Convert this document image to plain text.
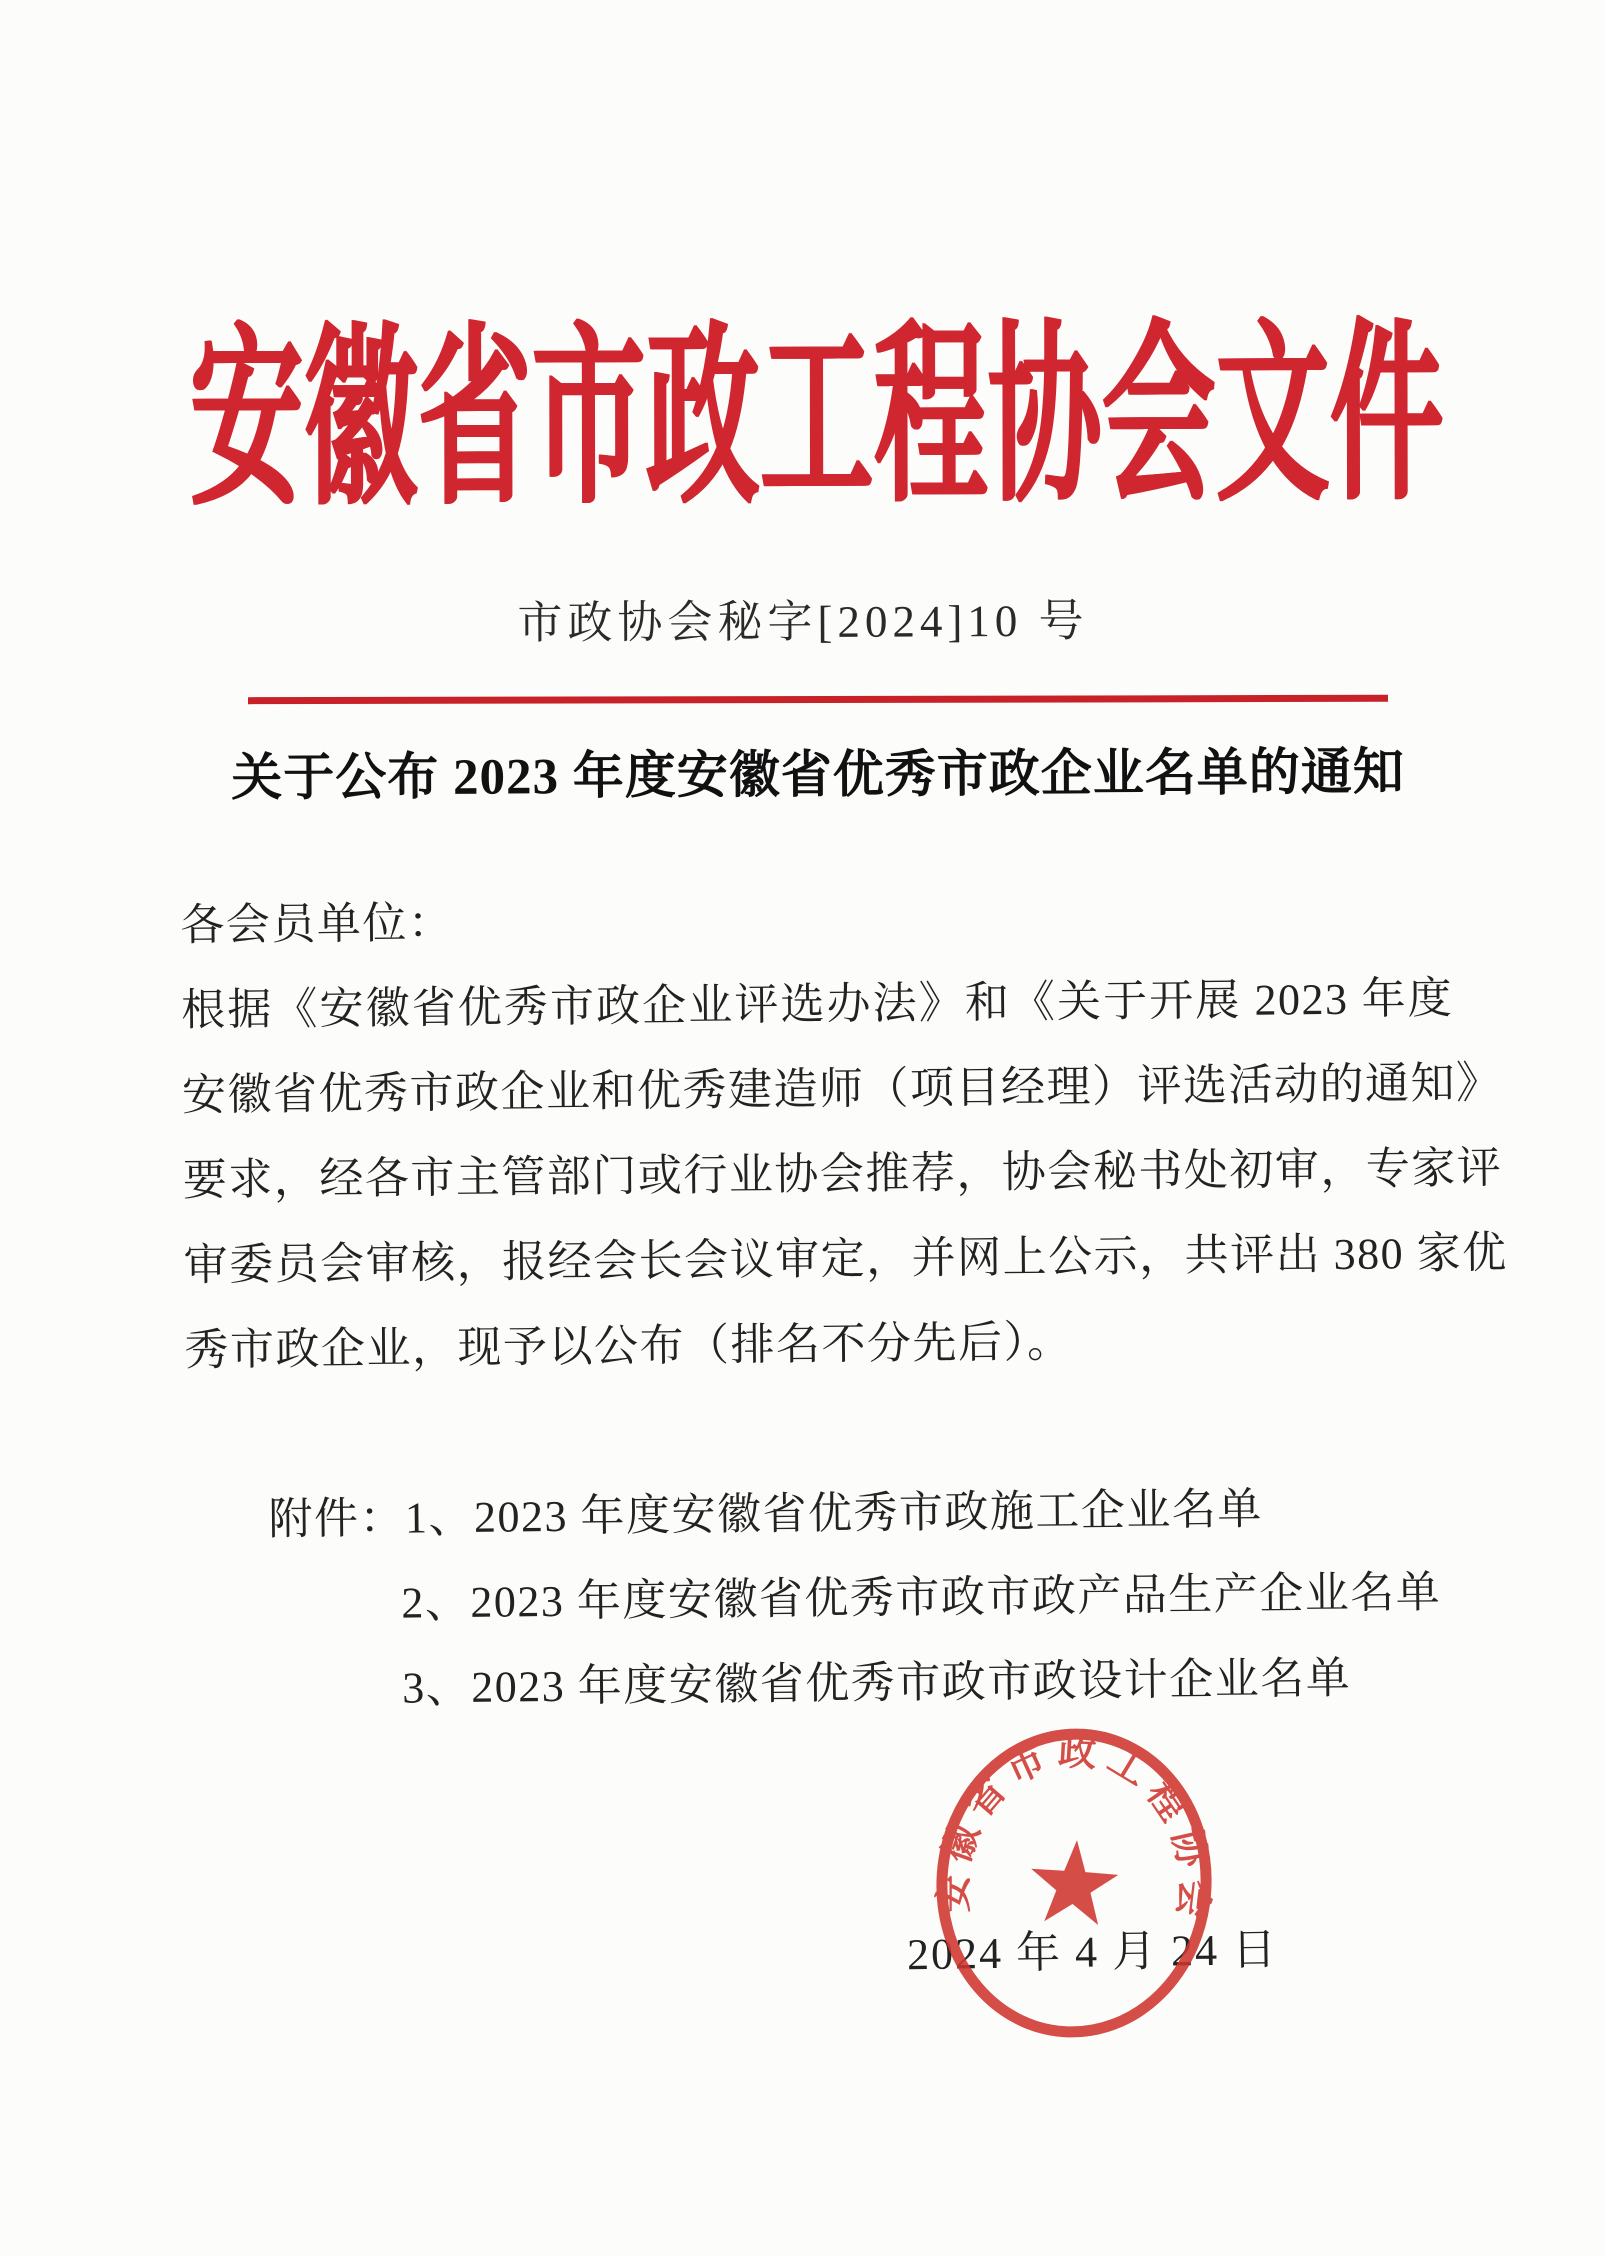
安徽省市政工程协会文件
市政协会秘字[2024]10 号
关于公布 2023 年度安徽省优秀市政企业名单的通知
各会员单位：
根据《安徽省优秀市政企业评选办法》和《关于开展 2023 年度
安徽省优秀市政企业和优秀建造师（项目经理）评选活动的通知》
要求，经各市主管部门或行业协会推荐，协会秘书处初审，专家评
审委员会审核，报经会长会议审定，并网上公示，共评出 380 家优
秀市政企业，现予以公布（排名不分先后）。
附件：1、2023 年度安徽省优秀市政施工企业名单
2、2023 年度安徽省优秀市政市政产品生产企业名单
3、2023 年度安徽省优秀市政市政设计企业名单
2024 年 4 月 24 日
安徽省市政工程协会
